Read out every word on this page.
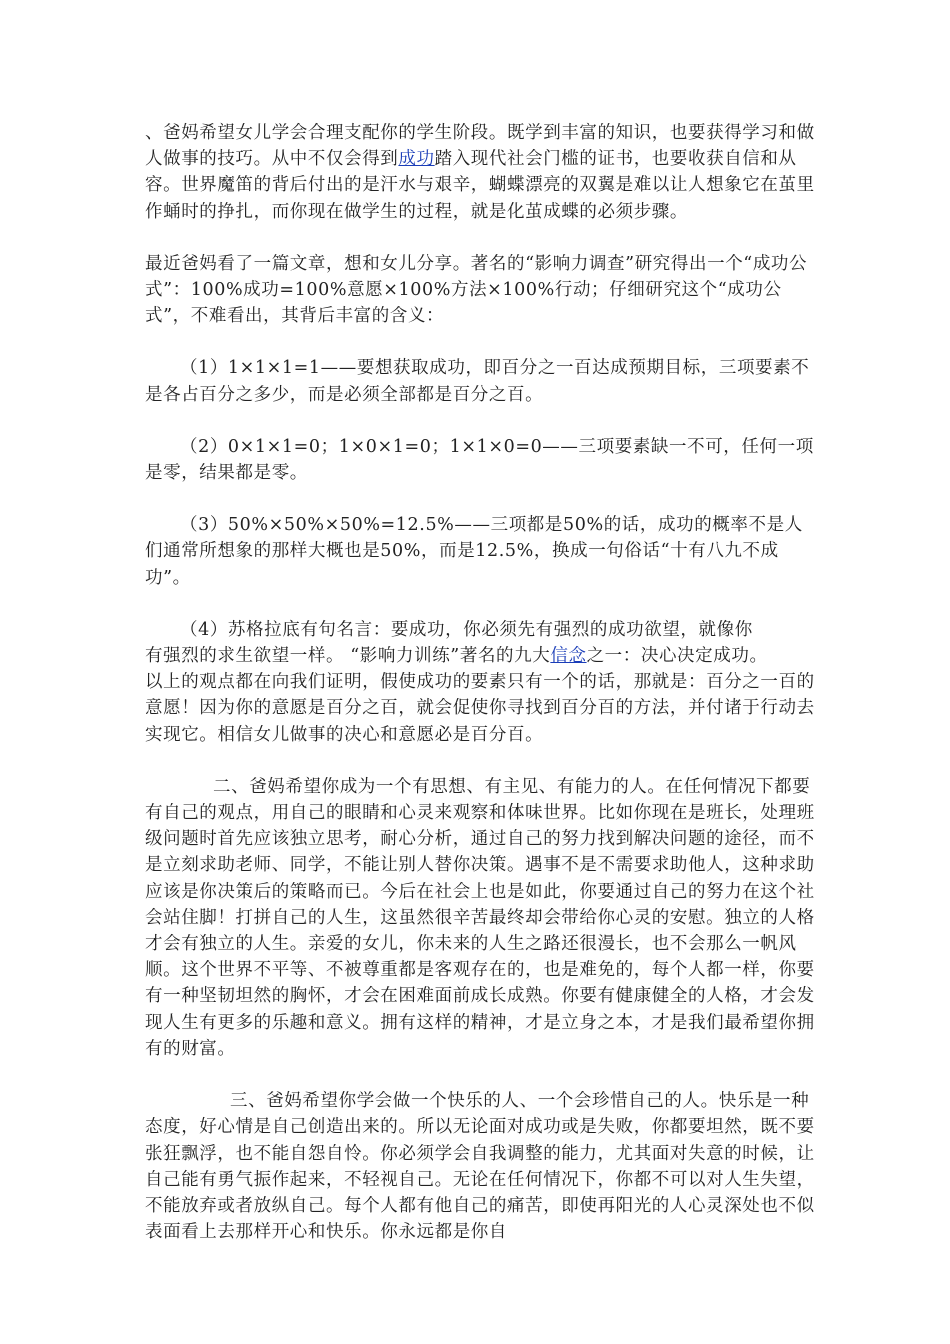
、爸妈希望女儿学会合理支配你的学生阶段。既学到丰富的知识，也要获得学习和做人做事的技巧。从中不仅会得到成功踏入现代社会门槛的证书，也要收获自信和从容。世界魔笛的背后付出的是汗水与艰辛，蝴蝶漂亮的双翼是难以让人想象它在茧里作蛹时的挣扎，而你现在做学生的过程，就是化茧成蝶的必须步骤。

最近爸妈看了一篇文章，想和女儿分享。著名的“影响力调查”研究得出一个“成功公式”：100%成功=100%意愿×100%方法×100%行动；仔细研究这个“成功公式”，不难看出，其背后丰富的含义：

（1）1×1×1=1——要想获取成功，即百分之一百达成预期目标，三项要素不是各占百分之多少，而是必须全部都是百分之百。

（2）0×1×1=0；1×0×1=0；1×1×0=0——三项要素缺一不可，任何一项是零，结果都是零。

（3）50%×50%×50%=12.5%——三项都是50%的话，成功的概率不是人们通常所想象的那样大概也是50%，而是12.5%，换成一句俗话“十有八九不成功”。

（4）苏格拉底有句名言：要成功，你必须先有强烈的成功欲望，就像你
有强烈的求生欲望一样。 “影响力训练”著名的九大信念之一：决心决定成功。
以上的观点都在向我们证明，假使成功的要素只有一个的话，那就是：百分之一百的意愿！因为你的意愿是百分之百，就会促使你寻找到百分百的方法，并付诸于行动去实现它。相信女儿做事的决心和意愿必是百分百。

二、爸妈希望你成为一个有思想、有主见、有能力的人。在任何情况下都要有自己的观点，用自己的眼睛和心灵来观察和体味世界。比如你现在是班长，处理班级问题时首先应该独立思考，耐心分析，通过自己的努力找到解决问题的途径，而不是立刻求助老师、同学，不能让别人替你决策。遇事不是不需要求助他人，这种求助应该是你决策后的策略而已。今后在社会上也是如此，你要通过自己的努力在这个社会站住脚！打拼自己的人生，这虽然很辛苦最终却会带给你心灵的安慰。独立的人格才会有独立的人生。亲爱的女儿，你未来的人生之路还很漫长，也不会那么一帆风顺。这个世界不平等、不被尊重都是客观存在的，也是难免的，每个人都一样，你要有一种坚韧坦然的胸怀，才会在困难面前成长成熟。你要有健康健全的人格，才会发现人生有更多的乐趣和意义。拥有这样的精神，才是立身之本，才是我们最希望你拥有的财富。

三、爸妈希望你学会做一个快乐的人、一个会珍惜自己的人。快乐是一种态度，好心情是自己创造出来的。所以无论面对成功或是失败，你都要坦然，既不要张狂飘浮，也不能自怨自怜。你必须学会自我调整的能力，尤其面对失意的时候，让自己能有勇气振作起来，不轻视自己。无论在任何情况下，你都不可以对人生失望，不能放弃或者放纵自己。每个人都有他自己的痛苦，即使再阳光的人心灵深处也不似表面看上去那样开心和快乐。你永远都是你自
